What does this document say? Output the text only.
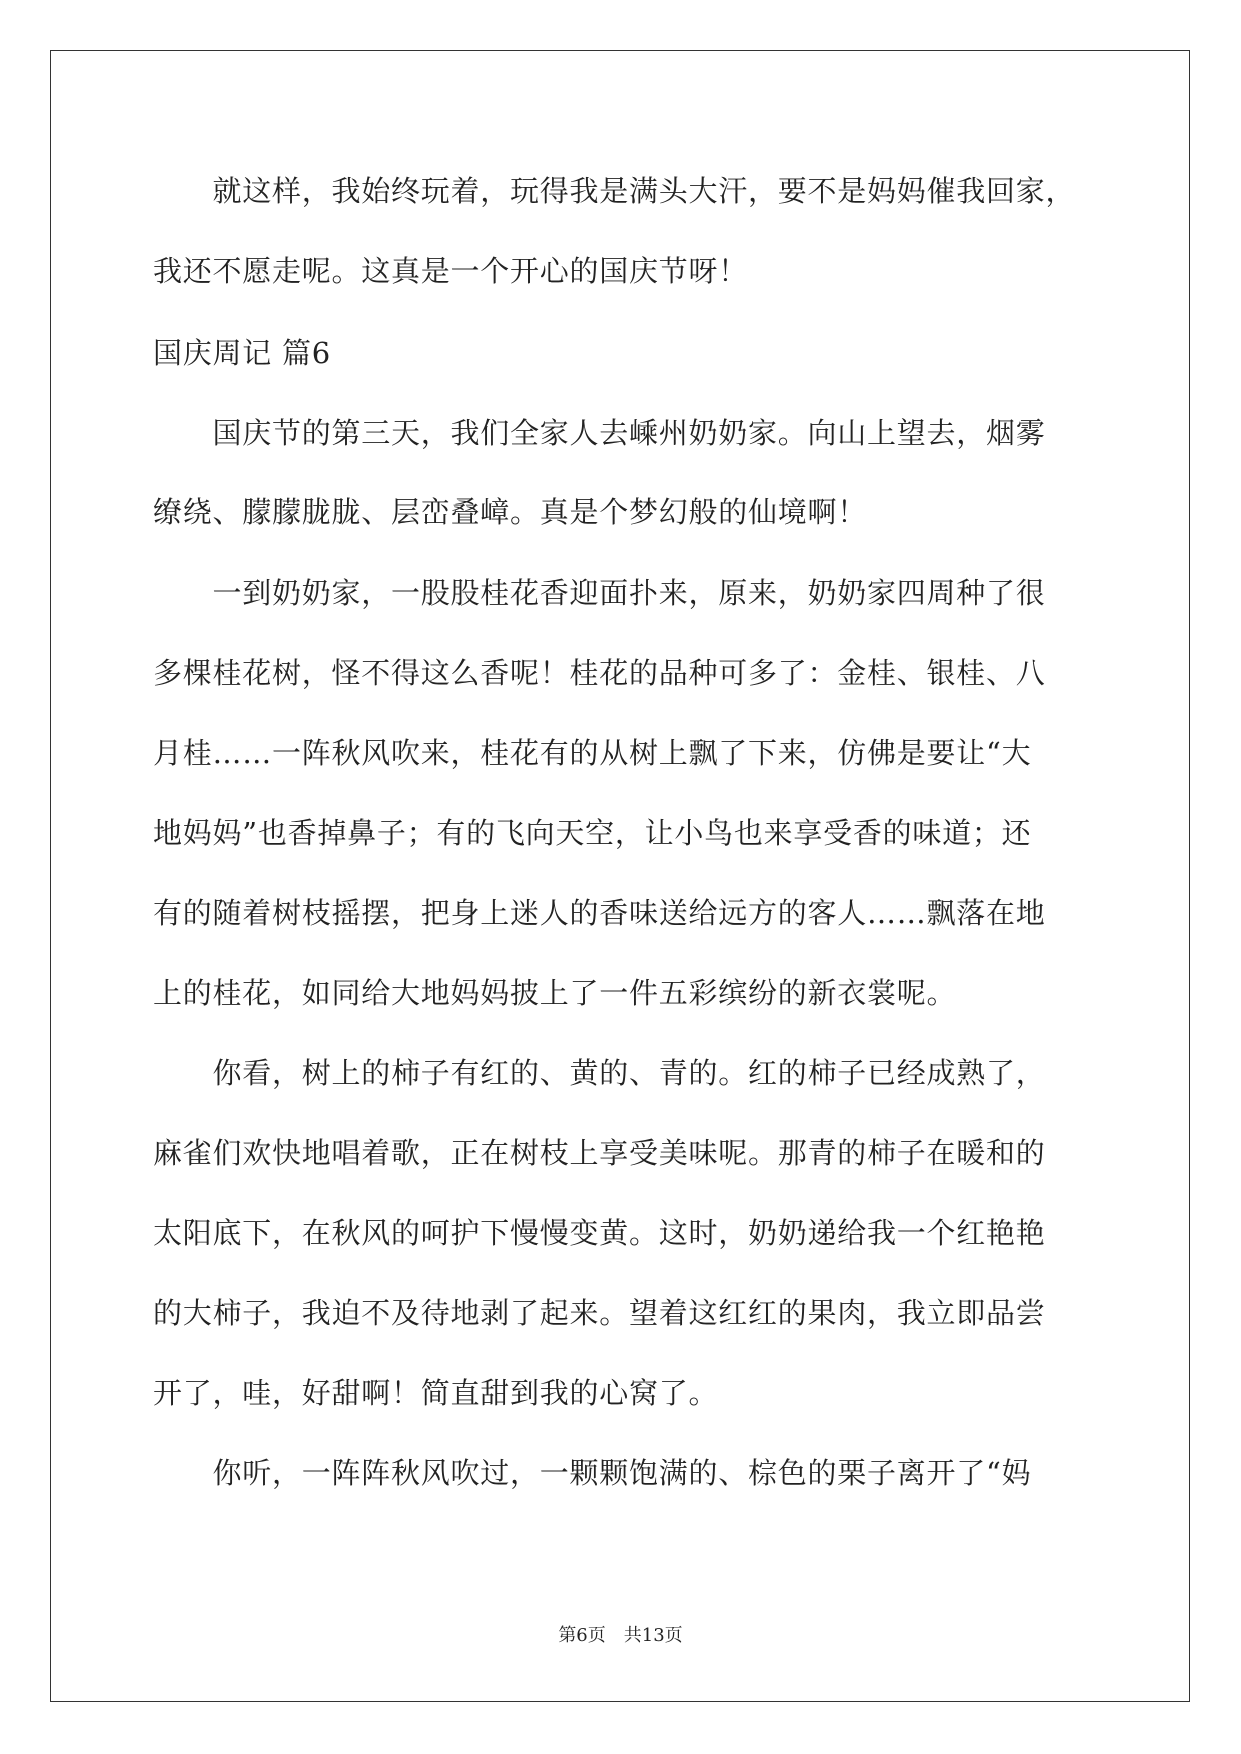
　　就这样，我始终玩着，玩得我是满头大汗，要不是妈妈催我回家，

我还不愿走呢。这真是一个开心的国庆节呀！

国庆周记 篇6

　　国庆节的第三天，我们全家人去嵊州奶奶家。向山上望去，烟雾

缭绕、朦朦胧胧、层峦叠嶂。真是个梦幻般的仙境啊！

　　一到奶奶家，一股股桂花香迎面扑来，原来，奶奶家四周种了很

多棵桂花树，怪不得这么香呢！桂花的品种可多了：金桂、银桂、八

月桂……一阵秋风吹来，桂花有的从树上飘了下来，仿佛是要让“大

地妈妈”也香掉鼻子；有的飞向天空，让小鸟也来享受香的味道；还

有的随着树枝摇摆，把身上迷人的香味送给远方的客人……飘落在地

上的桂花，如同给大地妈妈披上了一件五彩缤纷的新衣裳呢。

　　你看，树上的柿子有红的、黄的、青的。红的柿子已经成熟了，

麻雀们欢快地唱着歌，正在树枝上享受美味呢。那青的柿子在暖和的

太阳底下，在秋风的呵护下慢慢变黄。这时，奶奶递给我一个红艳艳

的大柿子，我迫不及待地剥了起来。望着这红红的果肉，我立即品尝

开了，哇，好甜啊！简直甜到我的心窝了。

　　你听，一阵阵秋风吹过，一颗颗饱满的、棕色的栗子离开了“妈

第6页　共13页
